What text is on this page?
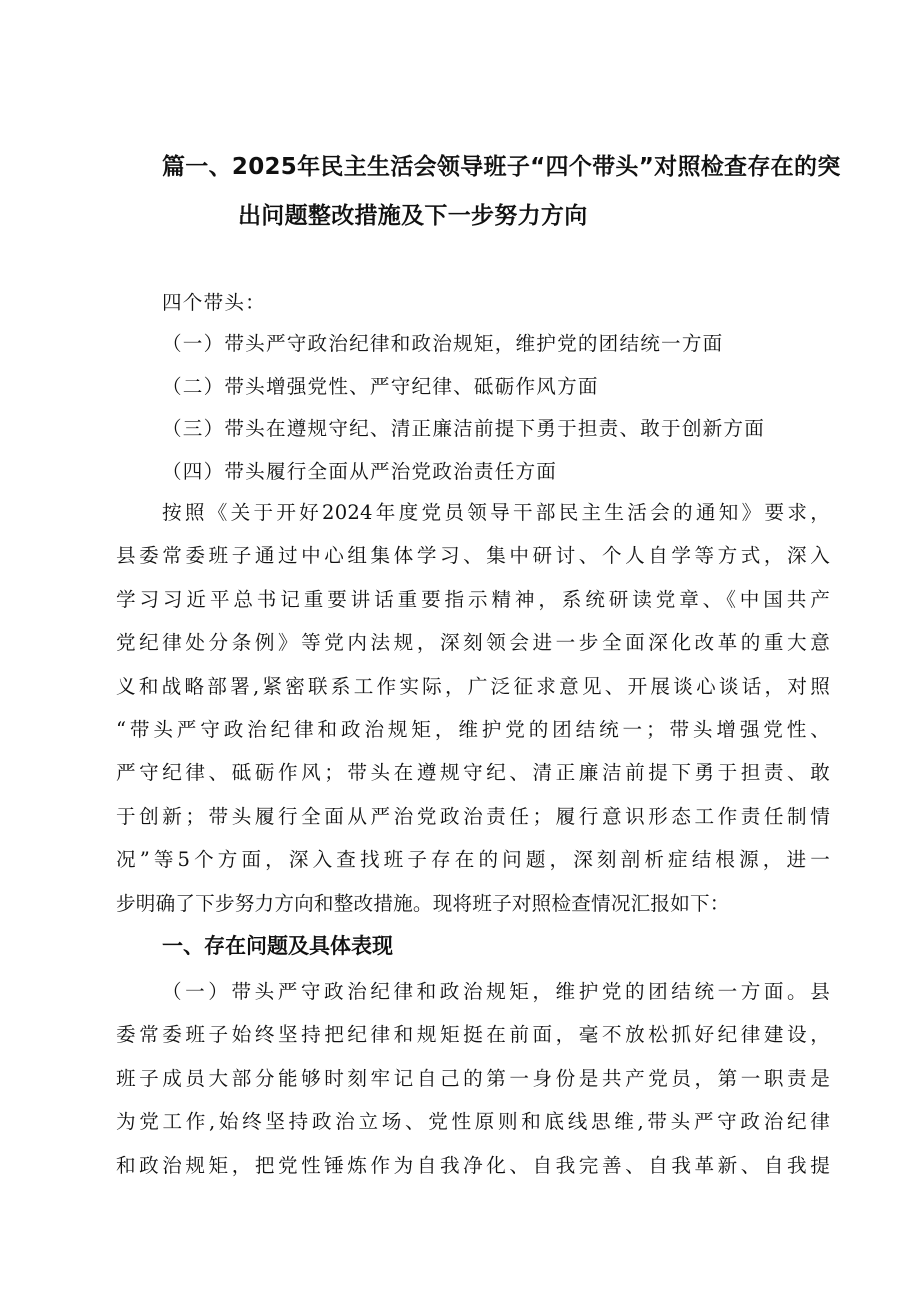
篇一、2025年民主生活会领导班子“四个带头”对照检查存在的突
出问题整改措施及下一步努力方向
四个带头：
（一）带头严守政治纪律和政治规矩，维护党的团结统一方面
（二）带头增强党性、严守纪律、砥砺作风方面
（三）带头在遵规守纪、清正廉洁前提下勇于担责、敢于创新方面
（四）带头履行全面从严治党政治责任方面
按照《关于开好2024年度党员领导干部民主生活会的通知》要求，
县委常委班子通过中心组集体学习、集中研讨、个人自学等方式，深入
学习习近平总书记重要讲话重要指示精神，系统研读党章、《中国共产
党纪律处分条例》等党内法规，深刻领会进一步全面深化改革的重大意
义和战略部署,紧密联系工作实际，广泛征求意见、开展谈心谈话，对照
“带头严守政治纪律和政治规矩，维护党的团结统一；带头增强党性、
严守纪律、砥砺作风；带头在遵规守纪、清正廉洁前提下勇于担责、敢
于创新；带头履行全面从严治党政治责任；履行意识形态工作责任制情
况”等5个方面，深入查找班子存在的问题，深刻剖析症结根源，进一
步明确了下步努力方向和整改措施。现将班子对照检查情况汇报如下：
一、存在问题及具体表现
（一）带头严守政治纪律和政治规矩，维护党的团结统一方面。县
委常委班子始终坚持把纪律和规矩挺在前面，毫不放松抓好纪律建设，
班子成员大部分能够时刻牢记自己的第一身份是共产党员，第一职责是
为党工作,始终坚持政治立场、党性原则和底线思维,带头严守政治纪律
和政治规矩，把党性锤炼作为自我净化、自我完善、自我革新、自我提
